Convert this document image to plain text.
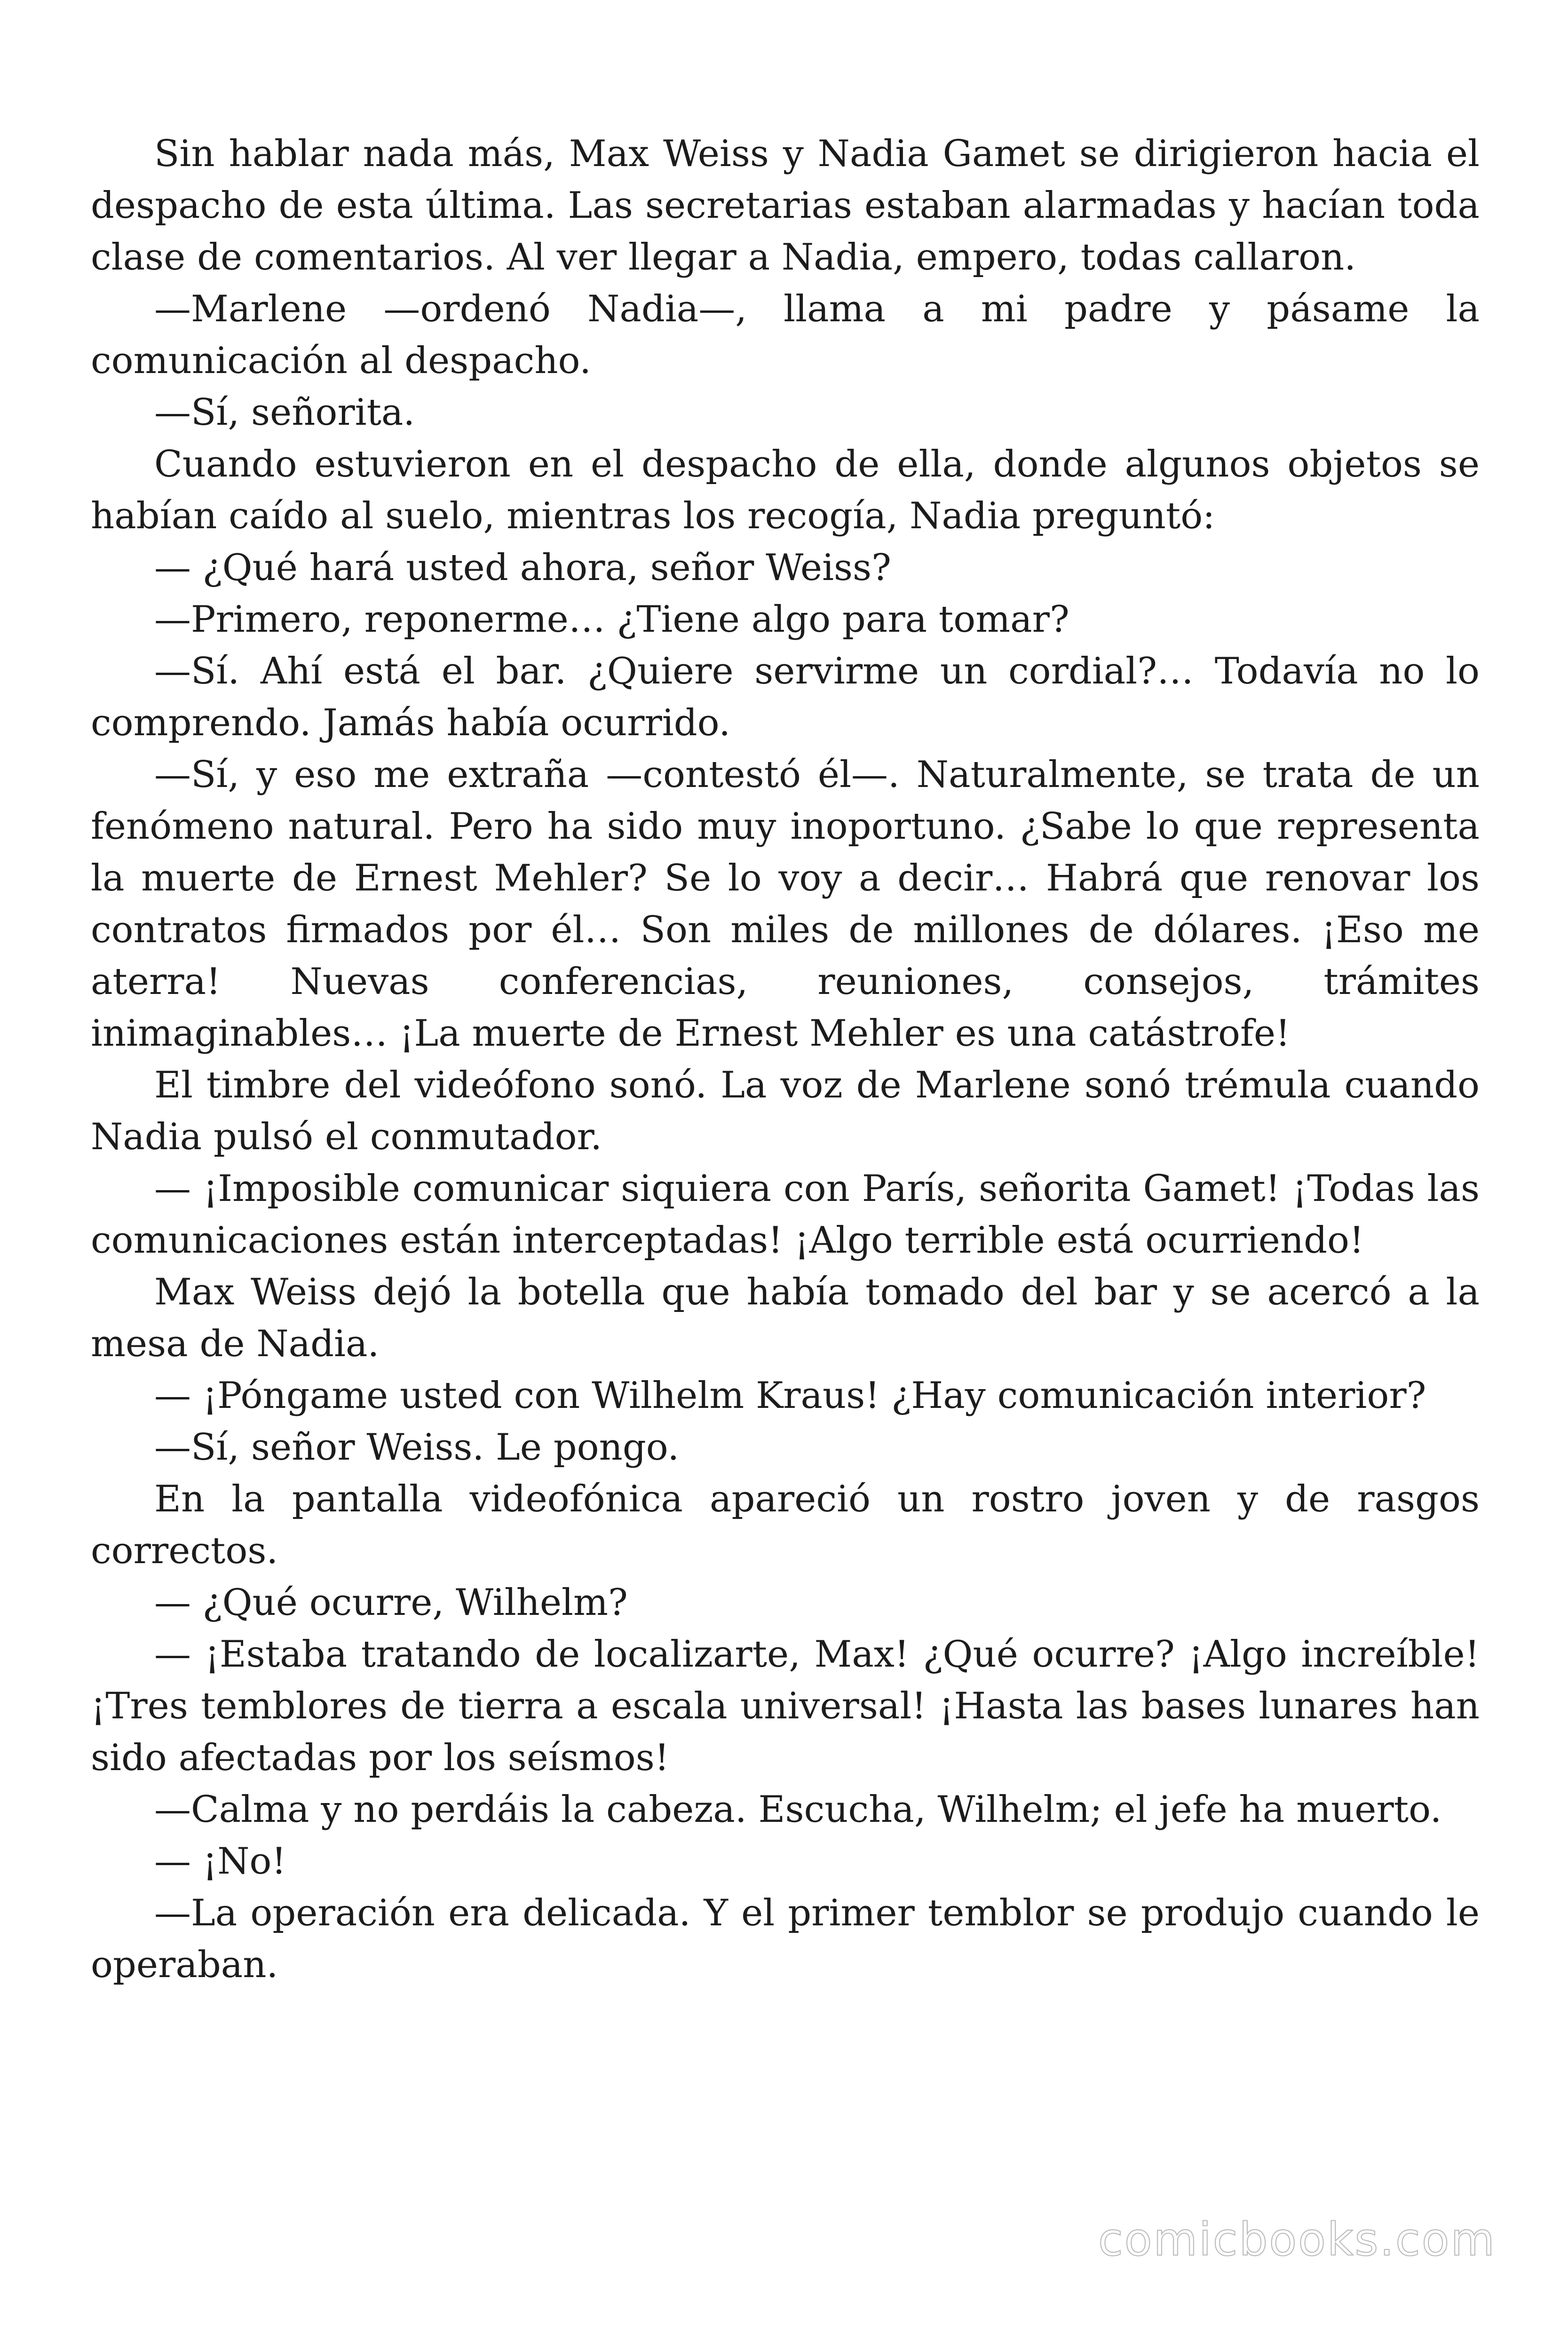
Sin hablar nada más, Max Weiss y Nadia Gamet se dirigieron hacia el despacho de esta última. Las secretarias estaban alarmadas y hacían toda clase de comentarios. Al ver llegar a Nadia, empero, todas callaron.

—Marlene —ordenó Nadia—, llama a mi padre y pásame la comunicación al despacho.

—Sí, señorita.

Cuando estuvieron en el despacho de ella, donde algunos objetos se habían caído al suelo, mientras los recogía, Nadia preguntó:

— ¿Qué hará usted ahora, señor Weiss?

—Primero, reponerme… ¿Tiene algo para tomar?

—Sí. Ahí está el bar. ¿Quiere servirme un cordial?… Todavía no lo comprendo. Jamás había ocurrido.

—Sí, y eso me extraña —contestó él—. Naturalmente, se trata de un fenómeno natural. Pero ha sido muy inoportuno. ¿Sabe lo que representa la muerte de Ernest Mehler? Se lo voy a decir… Habrá que renovar los contratos firmados por él… Son miles de millones de dólares. ¡Eso me aterra! Nuevas conferencias, reuniones, consejos, trámites inimaginables… ¡La muerte de Ernest Mehler es una catástrofe!

El timbre del videófono sonó. La voz de Marlene sonó trémula cuando Nadia pulsó el conmutador.

— ¡Imposible comunicar siquiera con París, señorita Gamet! ¡Todas las comunicaciones están interceptadas! ¡Algo terrible está ocurriendo!

Max Weiss dejó la botella que había tomado del bar y se acercó a la mesa de Nadia.

— ¡Póngame usted con Wilhelm Kraus! ¿Hay comunicación interior?

—Sí, señor Weiss. Le pongo.

En la pantalla videofónica apareció un rostro joven y de rasgos correctos.

— ¿Qué ocurre, Wilhelm?

— ¡Estaba tratando de localizarte, Max! ¿Qué ocurre? ¡Algo increíble! ¡Tres temblores de tierra a escala universal! ¡Hasta las bases lunares han sido afectadas por los seísmos!

—Calma y no perdáis la cabeza. Escucha, Wilhelm; el jefe ha muerto.

— ¡No!

—La operación era delicada. Y el primer temblor se produjo cuando le operaban.

comicbooks.com
